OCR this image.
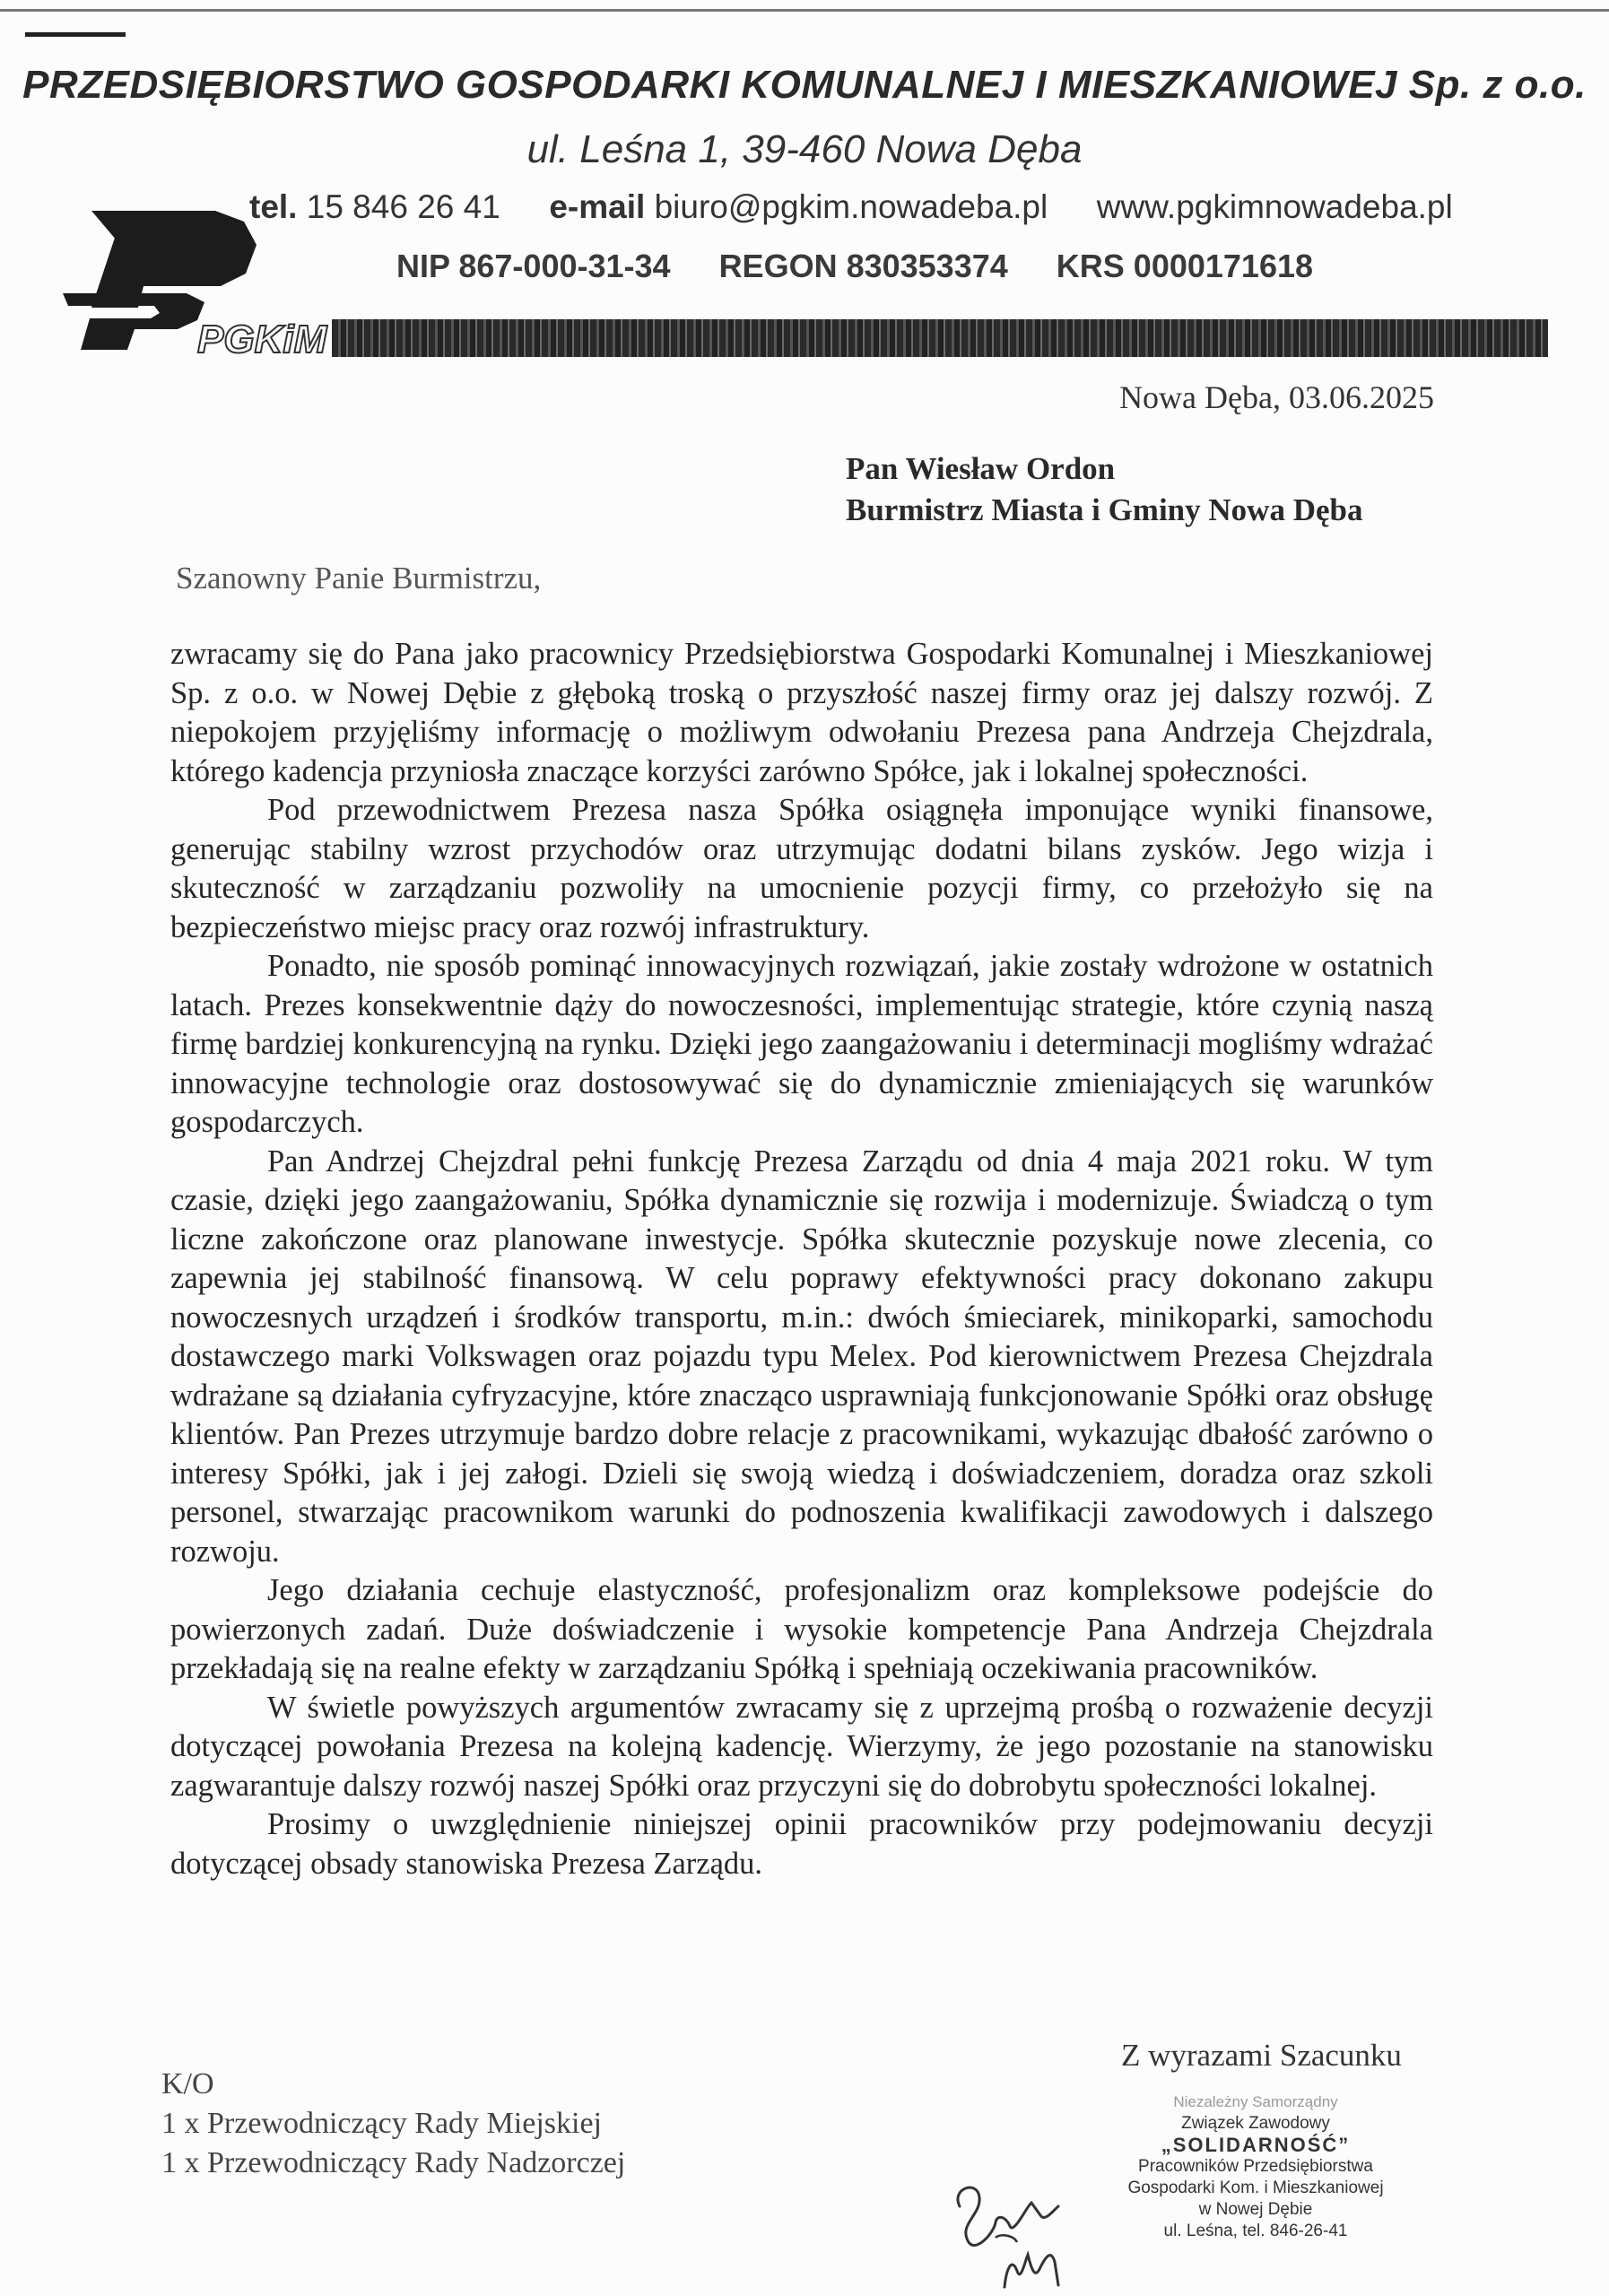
PRZEDSIĘBIORSTWO GOSPODARKI KOMUNALNEJ I MIESZKANIOWEJ Sp. z o.o.
ul. Leśna 1, 39-460 Nowa Dęba
tel. 15 846 26 41 e-mail biuro@pgkim.nowadeba.pl www.pgkimnowadeba.pl
NIP 867-000-31-34 REGON 830353374 KRS 0000171618
PGKiM
Nowa Dęba, 03.06.2025
Pan Wiesław Ordon
Burmistrz Miasta i Gminy Nowa Dęba
Szanowny Panie Burmistrzu,

zwracamy się do Pana jako pracownicy Przedsiębiorstwa Gospodarki Komunalnej i Mieszkaniowej Sp. z o.o. w Nowej Dębie z głęboką troską o przyszłość naszej firmy oraz jej dalszy rozwój. Z niepokojem przyjęliśmy informację o możliwym odwołaniu Prezesa pana Andrzeja Chejzdrala, którego kadencja przyniosła znaczące korzyści zarówno Spółce, jak i lokalnej społeczności.

Pod przewodnictwem Prezesa nasza Spółka osiągnęła imponujące wyniki finansowe, generując stabilny wzrost przychodów oraz utrzymując dodatni bilans zysków. Jego wizja i skuteczność w zarządzaniu pozwoliły na umocnienie pozycji firmy, co przełożyło się na bezpieczeństwo miejsc pracy oraz rozwój infrastruktury.

Ponadto, nie sposób pominąć innowacyjnych rozwiązań, jakie zostały wdrożone w ostatnich latach. Prezes konsekwentnie dąży do nowoczesności, implementując strategie, które czynią naszą firmę bardziej konkurencyjną na rynku. Dzięki jego zaangażowaniu i determinacji mogliśmy wdrażać innowacyjne technologie oraz dostosowywać się do dynamicznie zmieniających się warunków gospodarczych.

Pan Andrzej Chejzdral pełni funkcję Prezesa Zarządu od dnia 4 maja 2021 roku. W tym czasie, dzięki jego zaangażowaniu, Spółka dynamicznie się rozwija i modernizuje. Świadczą o tym liczne zakończone oraz planowane inwestycje. Spółka skutecznie pozyskuje nowe zlecenia, co zapewnia jej stabilność finansową. W celu poprawy efektywności pracy dokonano zakupu nowoczesnych urządzeń i środków transportu, m.in.: dwóch śmieciarek, minikoparki, samochodu dostawczego marki Volkswagen oraz pojazdu typu Melex. Pod kierownictwem Prezesa Chejzdrala wdrażane są działania cyfryzacyjne, które znacząco usprawniają funkcjonowanie Spółki oraz obsługę klientów. Pan Prezes utrzymuje bardzo dobre relacje z pracownikami, wykazując dbałość zarówno o interesy Spółki, jak i jej załogi. Dzieli się swoją wiedzą i doświadczeniem, doradza oraz szkoli personel, stwarzając pracownikom warunki do podnoszenia kwalifikacji zawodowych i dalszego rozwoju.

Jego działania cechuje elastyczność, profesjonalizm oraz kompleksowe podejście do powierzonych zadań. Duże doświadczenie i wysokie kompetencje Pana Andrzeja Chejzdrala przekładają się na realne efekty w zarządzaniu Spółką i spełniają oczekiwania pracowników.

W świetle powyższych argumentów zwracamy się z uprzejmą prośbą o rozważenie decyzji dotyczącej powołania Prezesa na kolejną kadencję. Wierzymy, że jego pozostanie na stanowisku zagwarantuje dalszy rozwój naszej Spółki oraz przyczyni się do dobrobytu społeczności lokalnej.

Prosimy o uwzględnienie niniejszej opinii pracowników przy podejmowaniu decyzji dotyczącej obsady stanowiska Prezesa Zarządu.

Z wyrazami Szacunku
K/O
1 x Przewodniczący Rady Miejskiej
1 x Przewodniczący Rady Nadzorczej
Niezależny Samorządny
Związek Zawodowy
„SOLIDARNOŚĆ”
Pracowników Przedsiębiorstwa
Gospodarki Kom. i Mieszkaniowej
w Nowej Dębie
ul. Leśna, tel. 846-26-41
